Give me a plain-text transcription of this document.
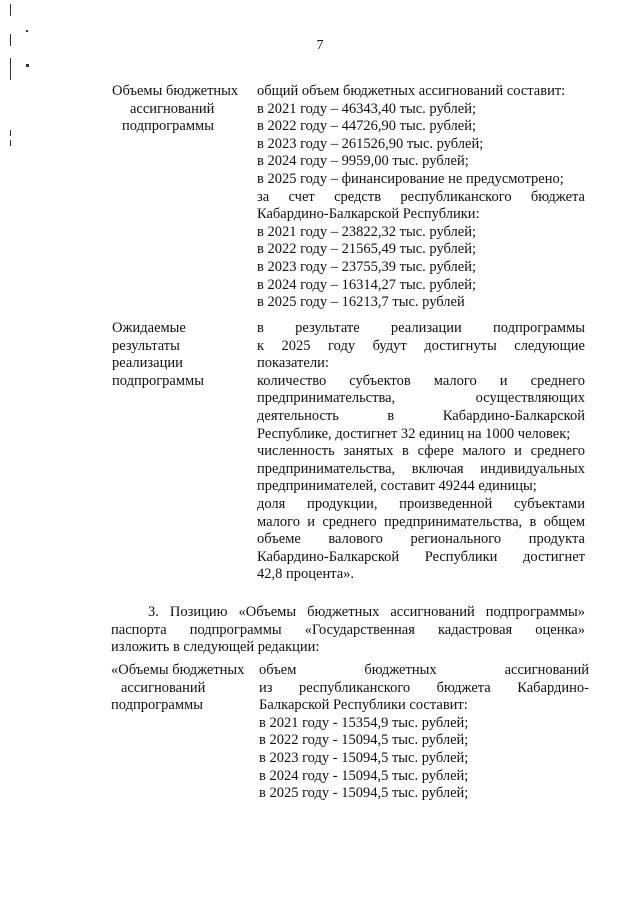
7
Объемы бюджетных
ассигнований
подпрограммы
общий объем бюджетных ассигнований составит:
в 2021 году – 46343,40 тыс. рублей;
в 2022 году – 44726,90 тыс. рублей;
в 2023 году – 261526,90 тыс. рублей;
в 2024 году – 9959,00 тыс. рублей;
в 2025 году – финансирование не предусмотрено;
за счет средств республиканского бюджета
Кабардино-Балкарской Республики:
в 2021 году – 23822,32 тыс. рублей;
в 2022 году – 21565,49 тыс. рублей;
в 2023 году – 23755,39 тыс. рублей;
в 2024 году – 16314,27 тыс. рублей;
в 2025 году – 16213,7 тыс. рублей
Ожидаемые
результаты
реализации
подпрограммы
в результате реализации подпрограммы
к 2025 году будут достигнуты следующие
показатели:
количество субъектов малого и среднего
предпринимательства, осуществляющих
деятельность в Кабардино-Балкарской
Республике, достигнет 32 единиц на 1000 человек;
численность занятых в сфере малого и среднего
предпринимательства, включая индивидуальных
предпринимателей, составит 49244 единицы;
доля продукции, произведенной субъектами
малого и среднего предпринимательства, в общем
объеме валового регионального продукта
Кабардино-Балкарской Республики достигнет
42,8 процента».
3. Позицию «Объемы бюджетных ассигнований подпрограммы»
паспорта подпрограммы «Государственная кадастровая оценка»
изложить в следующей редакции:
«Объемы бюджетных
ассигнований
подпрограммы
объем бюджетных ассигнований
из республиканского бюджета Кабардино-
Балкарской Республики составит:
в 2021 году - 15354,9 тыс. рублей;
в 2022 году - 15094,5 тыс. рублей;
в 2023 году - 15094,5 тыс. рублей;
в 2024 году - 15094,5 тыс. рублей;
в 2025 году - 15094,5 тыс. рублей;
